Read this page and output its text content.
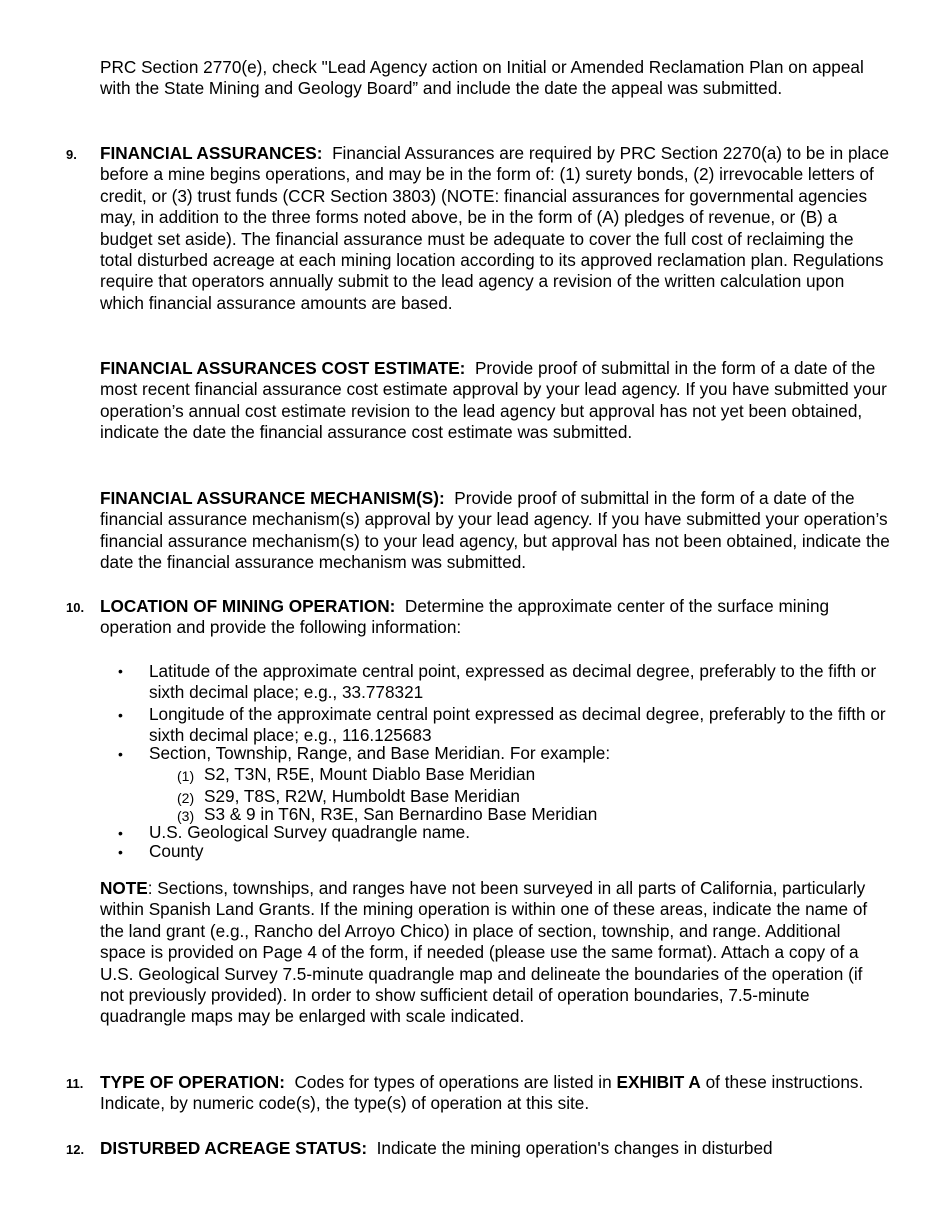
PRC Section 2770(e), check "Lead Agency action on Initial or Amended Reclamation Plan on appeal with the State Mining and Geology Board” and include the date the appeal was submitted.

9. FINANCIAL ASSURANCES: Financial Assurances are required by PRC Section 2270(a) to be in place before a mine begins operations, and may be in the form of: (1) surety bonds, (2) irrevocable letters of credit, or (3) trust funds (CCR Section 3803) (NOTE: financial assurances for governmental agencies may, in addition to the three forms noted above, be in the form of (A) pledges of revenue, or (B) a budget set aside). The financial assurance must be adequate to cover the full cost of reclaiming the total disturbed acreage at each mining location according to its approved reclamation plan. Regulations require that operators annually submit to the lead agency a revision of the written calculation upon which financial assurance amounts are based.

FINANCIAL ASSURANCES COST ESTIMATE: Provide proof of submittal in the form of a date of the most recent financial assurance cost estimate approval by your lead agency. If you have submitted your operation’s annual cost estimate revision to the lead agency but approval has not yet been obtained, indicate the date the financial assurance cost estimate was submitted.

FINANCIAL ASSURANCE MECHANISM(S): Provide proof of submittal in the form of a date of the financial assurance mechanism(s) approval by your lead agency. If you have submitted your operation’s financial assurance mechanism(s) to your lead agency, but approval has not been obtained, indicate the date the financial assurance mechanism was submitted.

10. LOCATION OF MINING OPERATION: Determine the approximate center of the surface mining operation and provide the following information:

• Latitude of the approximate central point, expressed as decimal degree, preferably to the fifth or sixth decimal place; e.g., 33.778321

• Longitude of the approximate central point expressed as decimal degree, preferably to the fifth or sixth decimal place; e.g., 116.125683

• Section, Township, Range, and Base Meridian. For example:

(1) S2, T3N, R5E, Mount Diablo Base Meridian

(2) S29, T8S, R2W, Humboldt Base Meridian

(3) S3 & 9 in T6N, R3E, San Bernardino Base Meridian

• U.S. Geological Survey quadrangle name.

• County

NOTE: Sections, townships, and ranges have not been surveyed in all parts of California, particularly within Spanish Land Grants. If the mining operation is within one of these areas, indicate the name of the land grant (e.g., Rancho del Arroyo Chico) in place of section, township, and range. Additional space is provided on Page 4 of the form, if needed (please use the same format). Attach a copy of a U.S. Geological Survey 7.5-minute quadrangle map and delineate the boundaries of the operation (if not previously provided). In order to show sufficient detail of operation boundaries, 7.5-minute quadrangle maps may be enlarged with scale indicated.

11. TYPE OF OPERATION: Codes for types of operations are listed in EXHIBIT A of these instructions. Indicate, by numeric code(s), the type(s) of operation at this site.

12. DISTURBED ACREAGE STATUS: Indicate the mining operation's changes in disturbed
